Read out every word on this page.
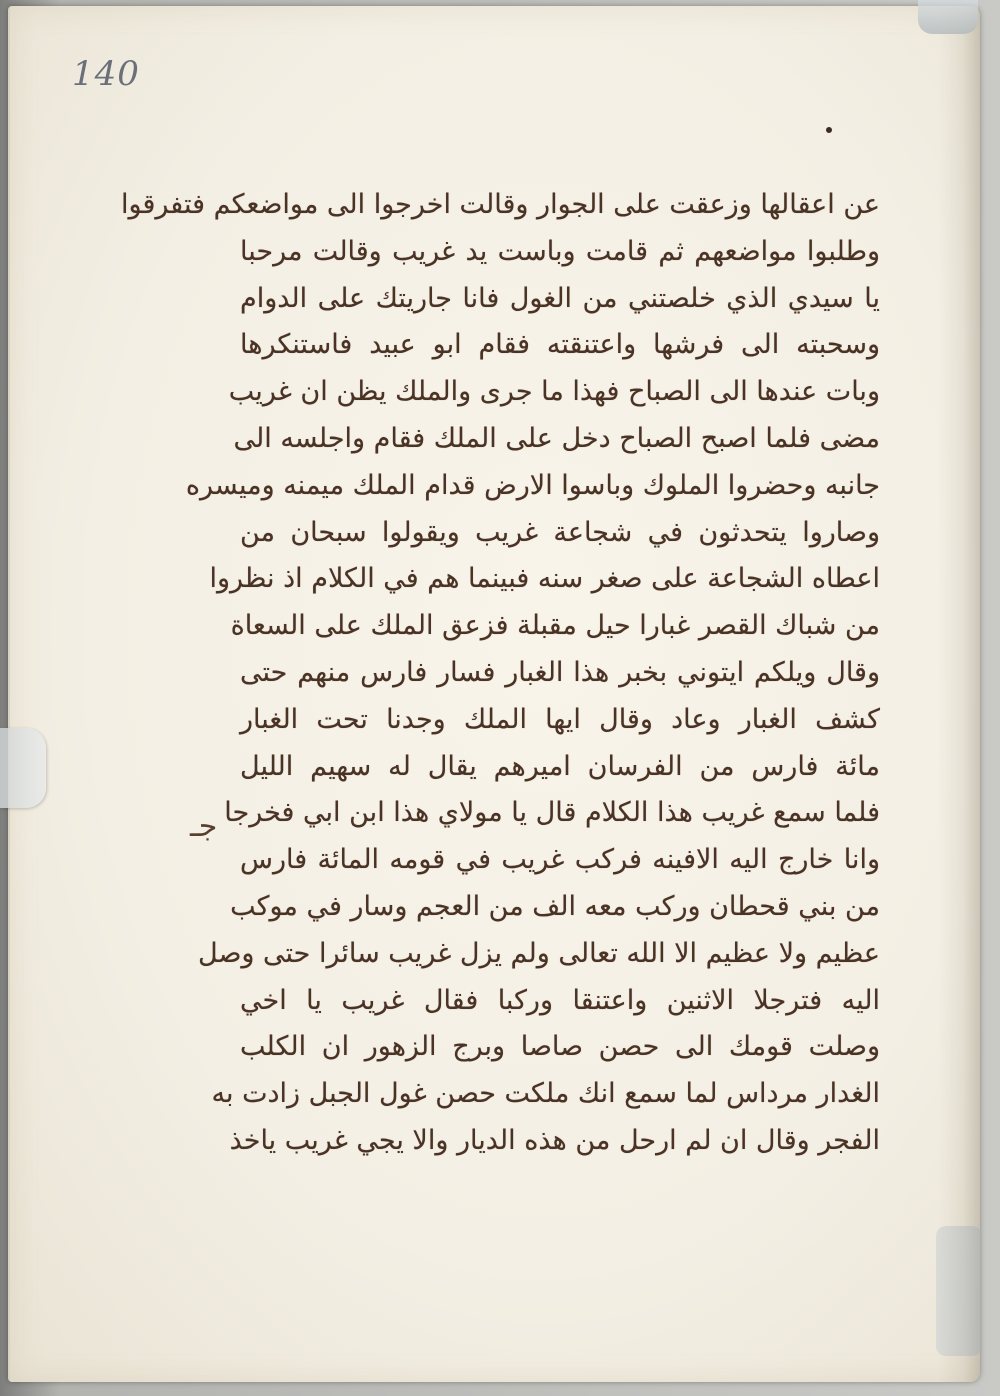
140
جـ
عن اعقالها وزعقت على الجوار وقالت اخرجوا الى مواضعكم فتفرقوا
وطلبوا مواضعهم ثم قامت وباست يد غريب وقالت مرحبا
يا سيدي الذي خلصتني من الغول فانا جاريتك على الدوام
وسحبته الى فرشها واعتنقته فقام ابو عبيد فاستنكرها
وبات عندها الى الصباح فهذا ما جرى والملك يظن ان غريب
مضى فلما اصبح الصباح دخل على الملك فقام واجلسه الى
جانبه وحضروا الملوك وباسوا الارض قدام الملك ميمنه وميسره
وصاروا يتحدثون في شجاعة غريب ويقولوا سبحان من
اعطاه الشجاعة على صغر سنه فبينما هم في الكلام اذ نظروا
من شباك القصر غبارا حيل مقبلة فزعق الملك على السعاة
وقال ويلكم ايتوني بخبر هذا الغبار فسار فارس منهم حتى
كشف الغبار وعاد وقال ايها الملك وجدنا تحت الغبار
مائة فارس من الفرسان اميرهم يقال له سهيم الليل
فلما سمع غريب هذا الكلام قال يا مولاي هذا ابن ابي فخرجا
وانا خارج اليه الافينه فركب غريب في قومه المائة فارس
من بني قحطان وركب معه الف من العجم وسار في موكب
عظيم ولا عظيم الا الله تعالى ولم يزل غريب سائرا حتى وصل
اليه فترجلا الاثنين واعتنقا وركبا فقال غريب يا اخي
وصلت قومك الى حصن صاصا وبرج الزهور ان الكلب
الغدار مرداس لما سمع انك ملكت حصن غول الجبل زادت به
الفجر وقال ان لم ارحل من هذه الديار والا يجي غريب ياخذ
